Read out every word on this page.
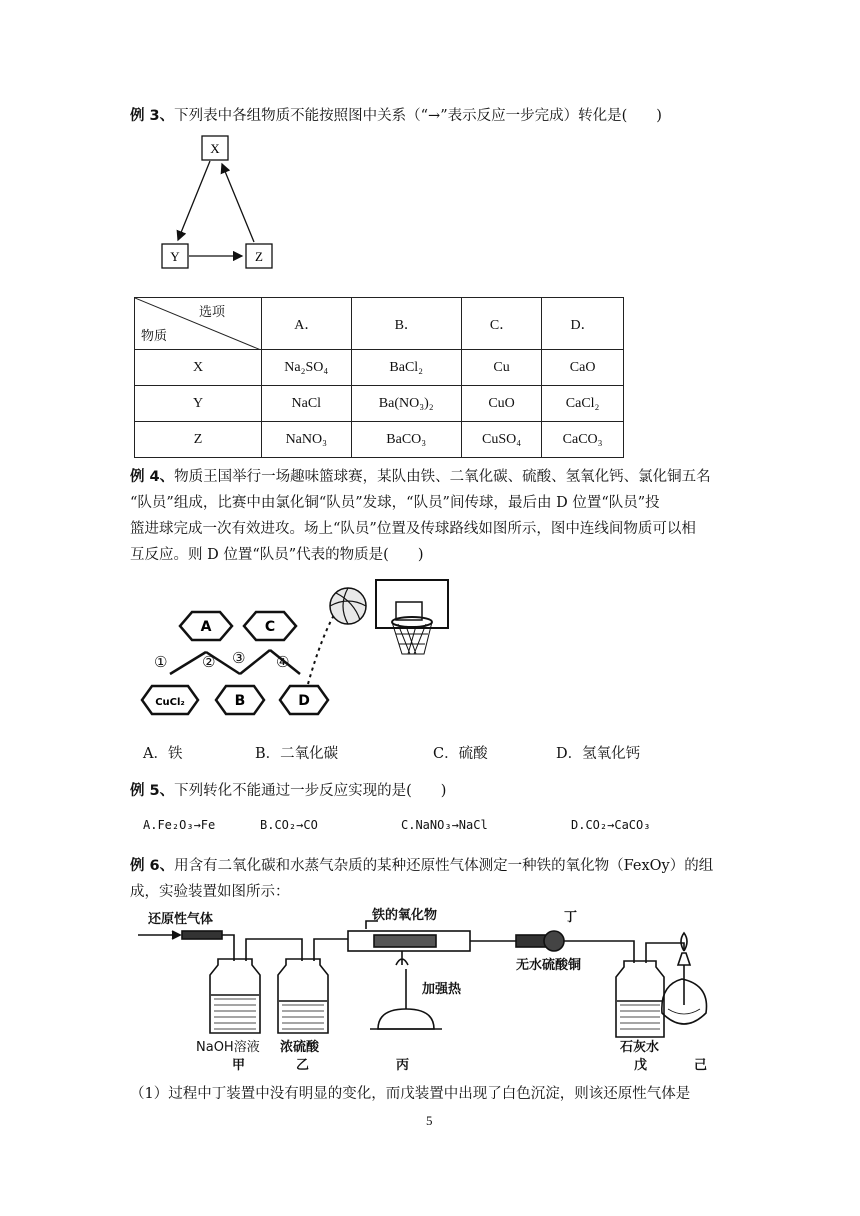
例 3、下列表中各组物质不能按照图中关系（“→”表示反应一步完成）转化是(　　)
X
Y	Z
选项
物质	A．	B．	C．	D．
X	Na₂SO₄	BaCl₂	Cu	CaO
Y	NaCl	Ba(NO₃)₂	CuO	CaCl₂
Z	NaNO₃	BaCO₃	CuSO₄	CaCO₃
例 4、物质王国举行一场趣味篮球赛，某队由铁、二氧化碳、硫酸、氢氧化钙、氯化铜五名
“队员”组成，比赛中由氯化铜“队员”发球，“队员”间传球，最后由 D 位置“队员”投
篮进球完成一次有效进攻。场上“队员”位置及传球路线如图所示，图中连线间物质可以相
互反应。则 D 位置“队员”代表的物质是(　　)
A	C
CuCl₂	B	D
① ② ③ ④
A．铁	B．二氧化碳	C．硫酸	D．氢氧化钙
例 5、下列转化不能通过一步反应实现的是(　　)
A.Fe₂O₃→Fe	B.CO₂→CO	C.NaNO₃→NaCl	D.CO₂→CaCO₃
例 6、用含有二氧化碳和水蒸气杂质的某种还原性气体测定一种铁的氧化物（FexOy）的组
成，实验装置如图所示：
还原性气体	铁的氧化物
加强热
丁
无水硫酸铜
NaOH溶液 浓硫酸	石灰水
甲	乙	丙	戊	己
（1）过程中丁装置中没有明显的变化，而戊装置中出现了白色沉淀，则该还原性气体是
5
